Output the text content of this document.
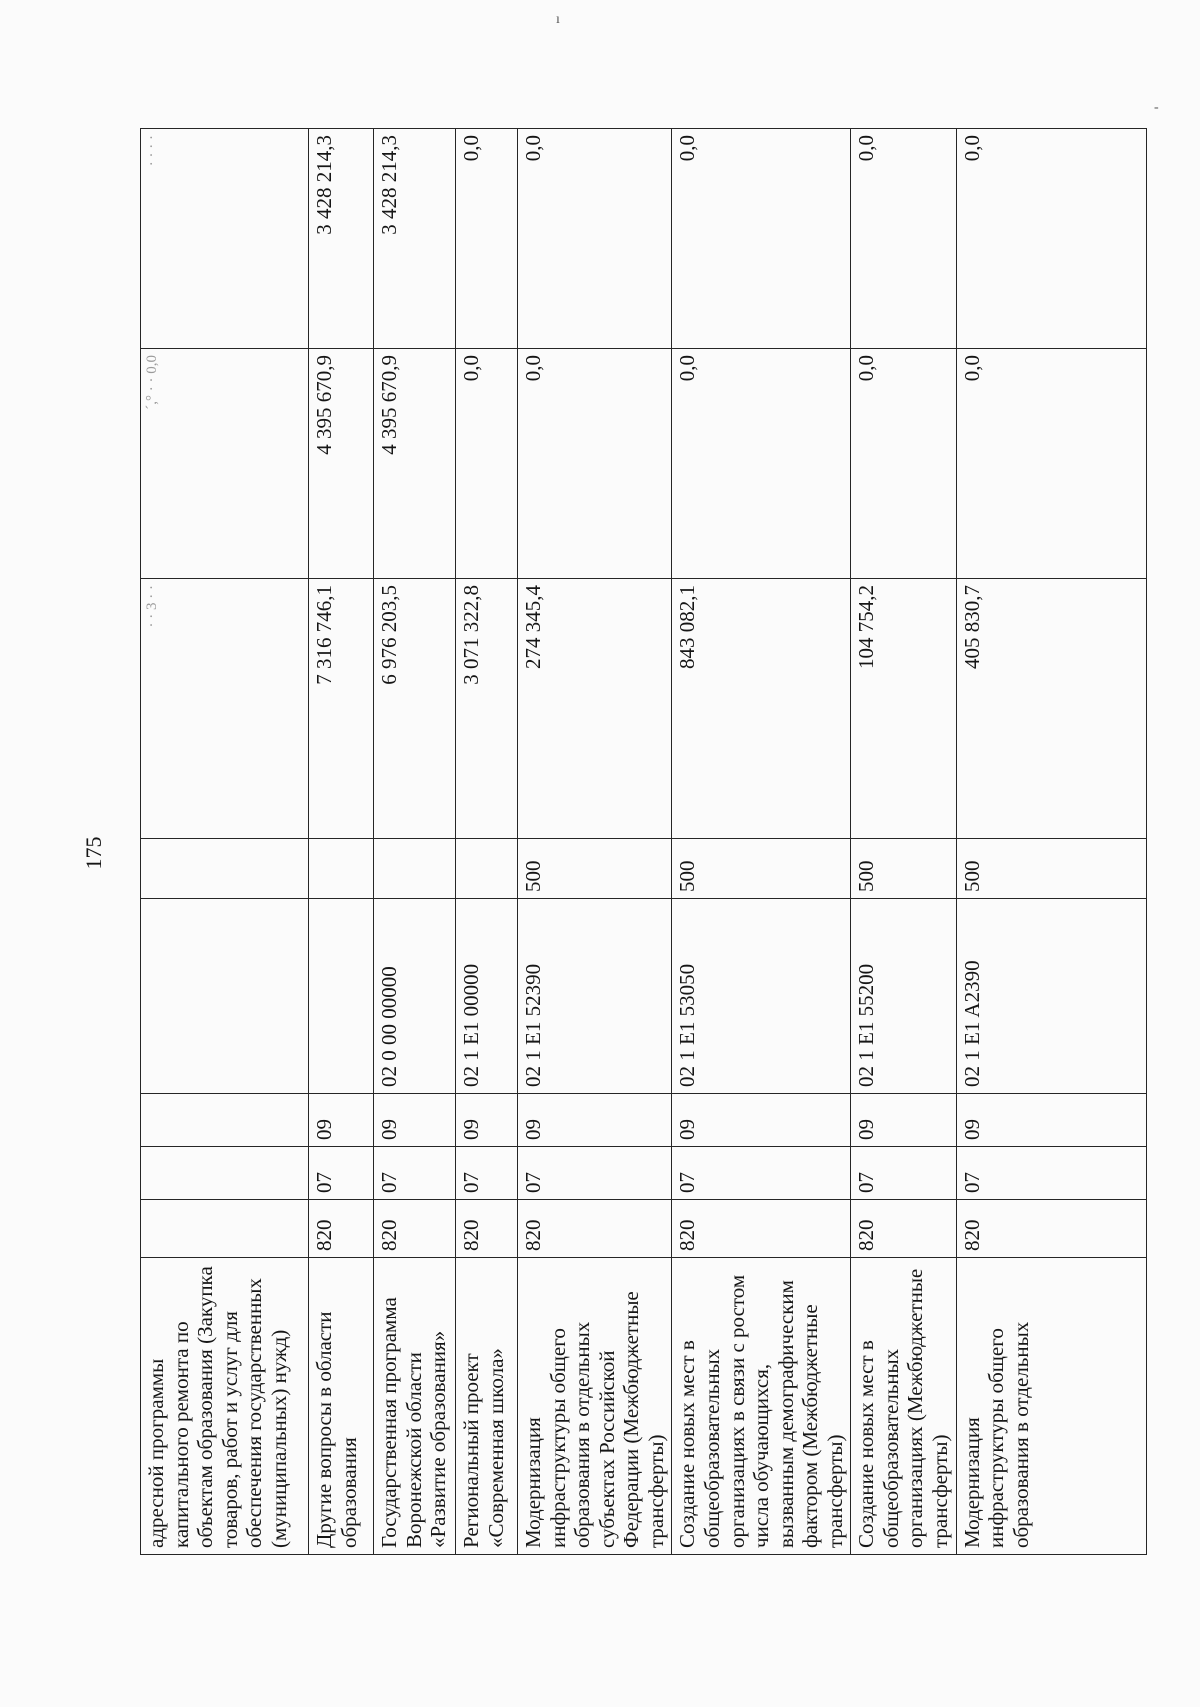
175
ı
-
адресной программы капитального ремонта по объектам образования (Закупка товаров, работ и услуг для обеспечения государственных (муниципальных) нужд)						· · 3 · ·	´,° · · 0,0	· · · ·
Другие вопросы в области образования	820	07	09			7 316 746,1	4 395 670,9	3 428 214,3
Государственная программа Воронежской области «Развитие образования»	820	07	09	02 0 00 00000		6 976 203,5	4 395 670,9	3 428 214,3
Региональный проект «Современная школа»	820	07	09	02 1 E1 00000		3 071 322,8	0,0	0,0
Модернизация инфраструктуры общего образования в отдельных субъектах Российской Федерации (Межбюджетные трансферты)	820	07	09	02 1 E1 52390	500	274 345,4	0,0	0,0
Создание новых мест в общеобразовательных организациях в связи с ростом числа обучающихся, вызванным демографическим фактором (Межбюджетные трансферты)	820	07	09	02 1 E1 53050	500	843 082,1	0,0	0,0
Создание новых мест в общеобразовательных организациях (Межбюджетные трансферты)	820	07	09	02 1 E1 55200	500	104 754,2	0,0	0,0
Модернизация инфраструктуры общего образования в отдельных	820	07	09	02 1 E1 A2390	500	405 830,7	0,0	0,0
